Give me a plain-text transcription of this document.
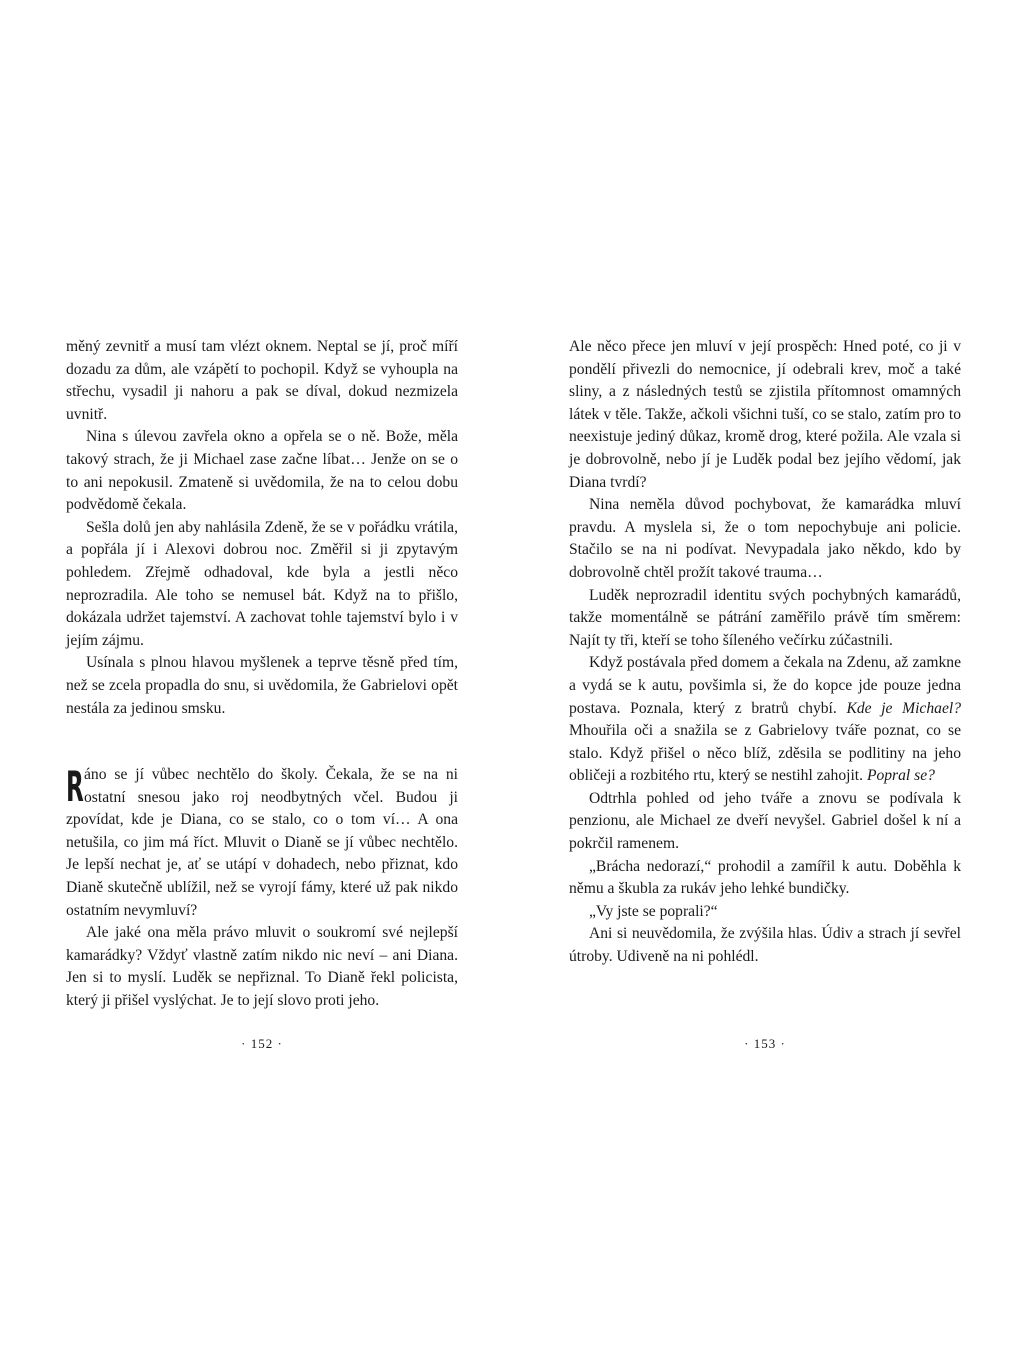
měný zevnitř a musí tam vlézt oknem. Neptal se jí, proč míří dozadu za dům, ale vzápětí to pochopil. Když se vyhoupla na střechu, vysadil ji nahoru a pak se díval, dokud nezmizela uvnitř.

Nina s úlevou zavřela okno a opřela se o ně. Bože, měla takový strach, že ji Michael zase začne líbat… Jenže on se o to ani nepokusil. Zmateně si uvědomila, že na to celou dobu podvědomě čekala.

Sešla dolů jen aby nahlásila Zdeně, že se v pořádku vrátila, a popřála jí i Alexovi dobrou noc. Změřil si ji zpytavým pohledem. Zřejmě odhadoval, kde byla a jestli něco neprozradila. Ale toho se nemusel bát. Když na to přišlo, dokázala udržet tajemství. A zachovat tohle tajemství bylo i v jejím zájmu.

Usínala s plnou hlavou myšlenek a teprve těsně před tím, než se zcela propadla do snu, si uvědomila, že Gabrielovi opět nestála za jedinou smsku.

Ráno se jí vůbec nechtělo do školy. Čekala, že se na ni ostatní snesou jako roj neodbytných včel. Budou ji zpovídat, kde je Diana, co se stalo, co o tom ví… A ona netušila, co jim má říct. Mluvit o Dianě se jí vůbec nechtělo. Je lepší nechat je, ať se utápí v dohadech, nebo přiznat, kdo Dianě skutečně ublížil, než se vyrojí fámy, které už pak nikdo ostatním nevymluví?

Ale jaké ona měla právo mluvit o soukromí své nejlepší kamarádky? Vždyť vlastně zatím nikdo nic neví – ani Diana. Jen si to myslí. Luděk se nepřiznal. To Dianě řekl policista, který ji přišel vyslýchat. Je to její slovo proti jeho.

· 152 ·

Ale něco přece jen mluví v její prospěch: Hned poté, co ji v pondělí přivezli do nemocnice, jí odebrali krev, moč a také sliny, a z následných testů se zjistila přítomnost omamných látek v těle. Takže, ačkoli všichni tuší, co se stalo, zatím pro to neexistuje jediný důkaz, kromě drog, které požila. Ale vzala si je dobrovolně, nebo jí je Luděk podal bez jejího vědomí, jak Diana tvrdí?

Nina neměla důvod pochybovat, že kamarádka mluví pravdu. A myslela si, že o tom nepochybuje ani policie. Stačilo se na ni podívat. Nevypadala jako někdo, kdo by dobrovolně chtěl prožít takové trauma…

Luděk neprozradil identitu svých pochybných kamarádů, takže momentálně se pátrání zaměřilo právě tím směrem: Najít ty tři, kteří se toho šíleného večírku zúčastnili.

Když postávala před domem a čekala na Zdenu, až zamkne a vydá se k autu, povšimla si, že do kopce jde pouze jedna postava. Poznala, který z bratrů chybí. Kde je Michael? Mhouřila oči a snažila se z Gabrielovy tváře poznat, co se stalo. Když přišel o něco blíž, zděsila se podlitiny na jeho obličeji a rozbitého rtu, který se nestihl zahojit. Popral se?

Odtrhla pohled od jeho tváře a znovu se podívala k penzionu, ale Michael ze dveří nevyšel. Gabriel došel k ní a pokrčil ramenem.

„Brácha nedorazí,“ prohodil a zamířil k autu. Doběhla k němu a škubla za rukáv jeho lehké bundičky.

„Vy jste se poprali?“

Ani si neuvědomila, že zvýšila hlas. Údiv a strach jí sevřel útroby. Udiveně na ni pohlédl.

· 153 ·
